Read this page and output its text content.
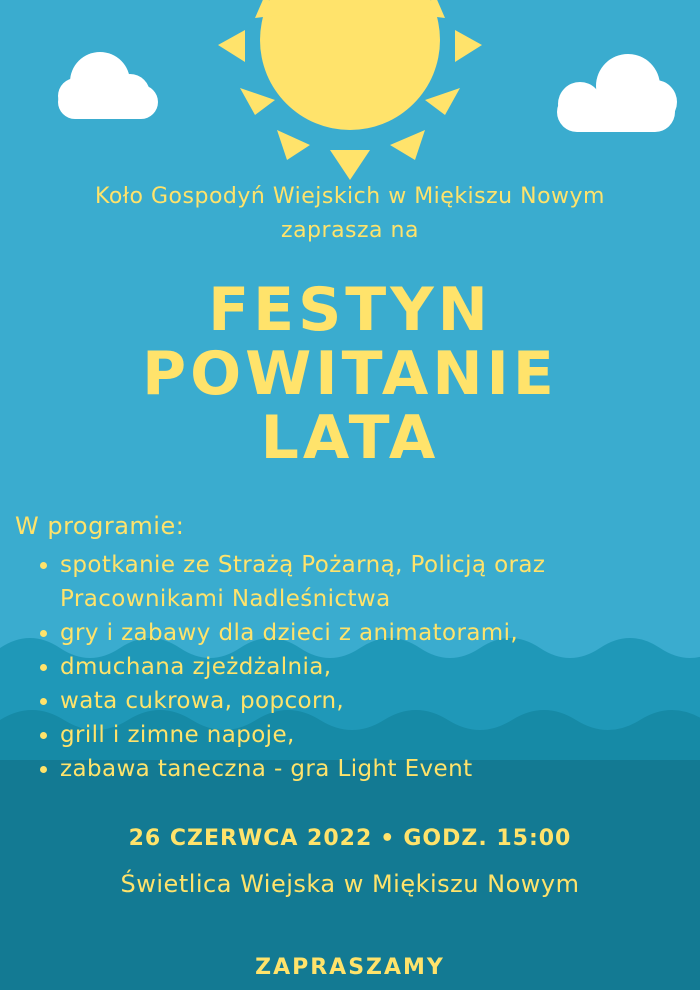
Koło Gospodyń Wiejskich w Miękiszu Nowym
zaprasza na
FESTYN
POWITANIE
LATA
W programie:
spotkanie ze Strażą Pożarną, Policją oraz Pracownikami Nadleśnictwa
gry i zabawy dla dzieci z animatorami,
dmuchana zjeżdżalnia,
wata cukrowa, popcorn,
grill i zimne napoje,
zabawa taneczna - gra Light Event
26 CZERWCA 2022 • GODZ. 15:00
Świetlica Wiejska w Miękiszu Nowym
ZAPRASZAMY
